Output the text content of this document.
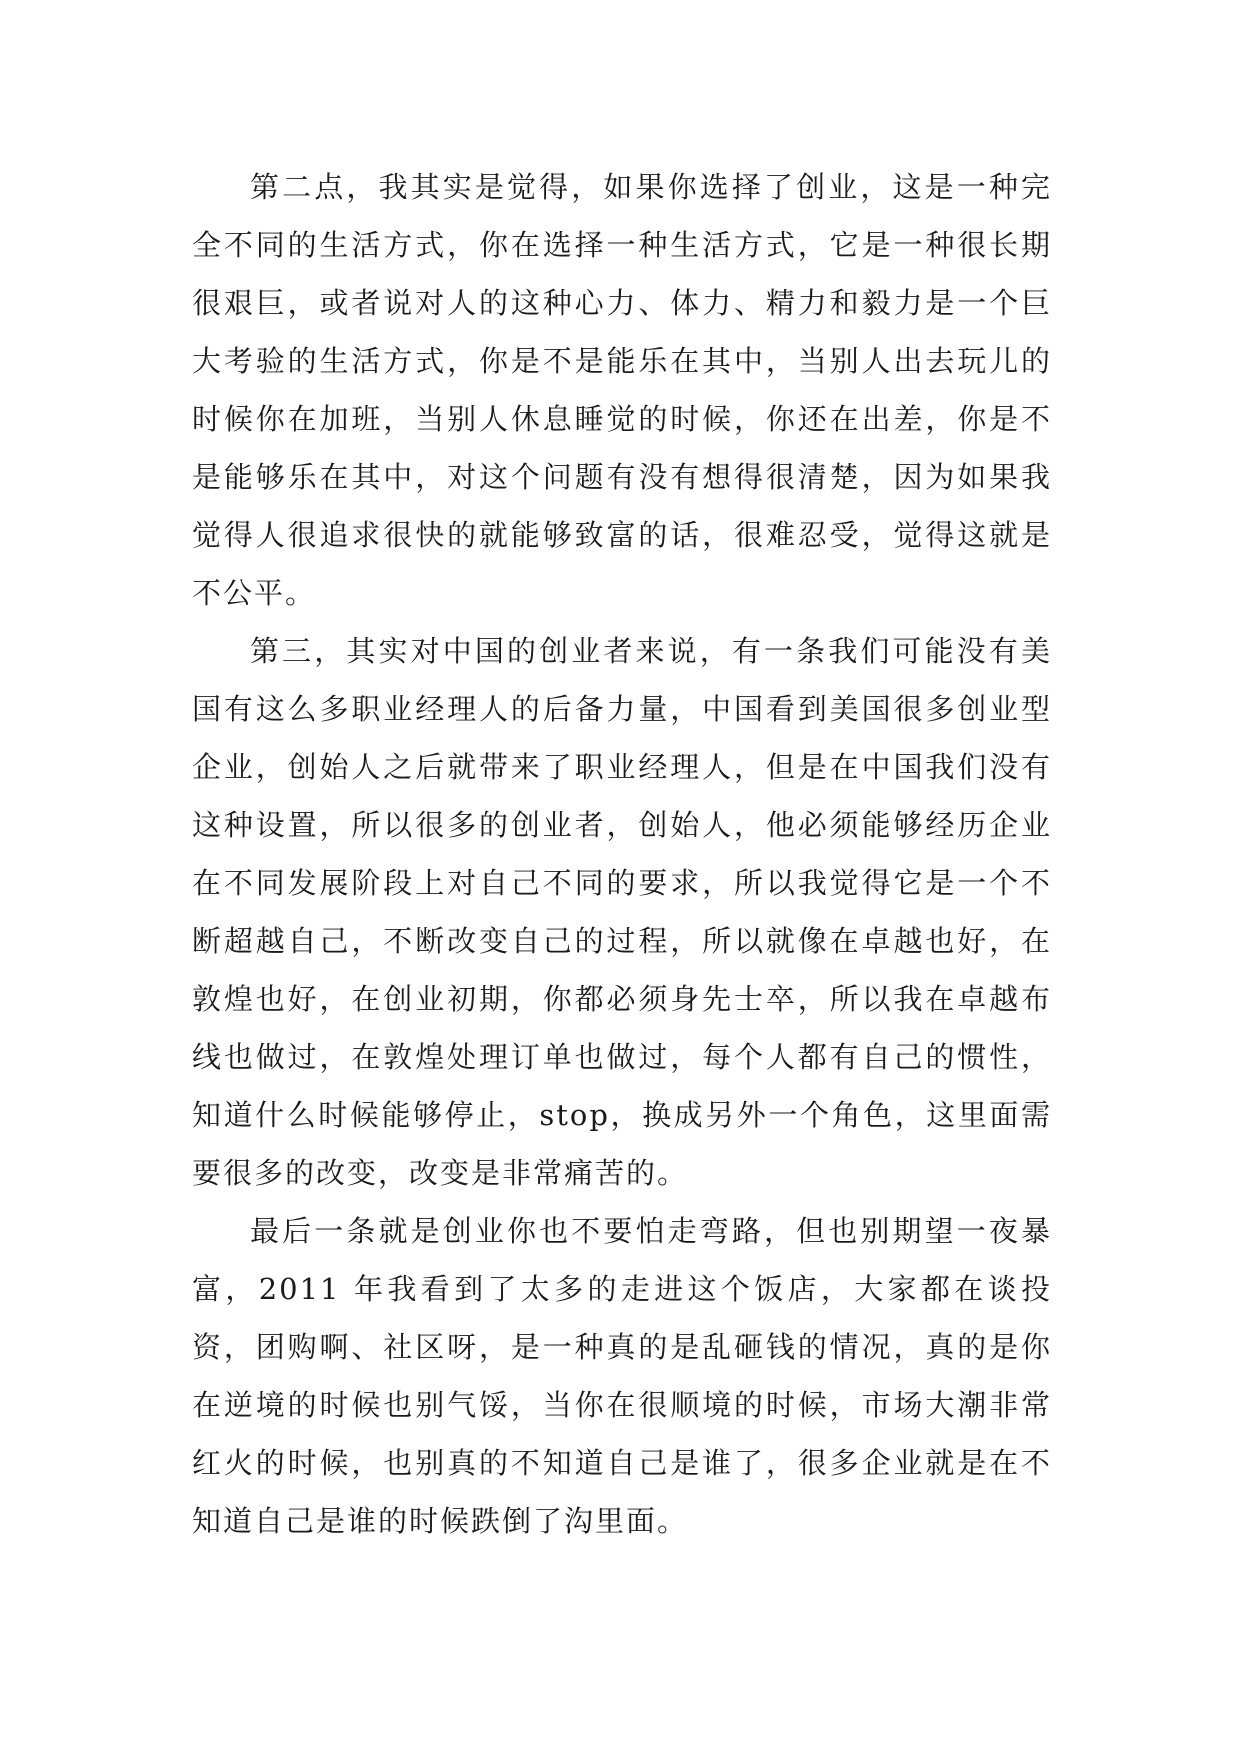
第二点，我其实是觉得，如果你选择了创业，这是一种完全不同的生活方式，你在选择一种生活方式，它是一种很长期很艰巨，或者说对人的这种心力、体力、精力和毅力是一个巨大考验的生活方式，你是不是能乐在其中，当别人出去玩儿的时候你在加班，当别人休息睡觉的时候，你还在出差，你是不是能够乐在其中，对这个问题有没有想得很清楚，因为如果我觉得人很追求很快的就能够致富的话，很难忍受，觉得这就是不公平。

第三，其实对中国的创业者来说，有一条我们可能没有美国有这么多职业经理人的后备力量，中国看到美国很多创业型企业，创始人之后就带来了职业经理人，但是在中国我们没有这种设置，所以很多的创业者，创始人，他必须能够经历企业在不同发展阶段上对自己不同的要求，所以我觉得它是一个不断超越自己，不断改变自己的过程，所以就像在卓越也好，在敦煌也好，在创业初期，你都必须身先士卒，所以我在卓越布线也做过，在敦煌处理订单也做过，每个人都有自己的惯性，知道什么时候能够停止，stop，换成另外一个角色，这里面需要很多的改变，改变是非常痛苦的。

最后一条就是创业你也不要怕走弯路，但也别期望一夜暴富，2011 年我看到了太多的走进这个饭店，大家都在谈投资，团购啊、社区呀，是一种真的是乱砸钱的情况，真的是你在逆境的时候也别气馁，当你在很顺境的时候，市场大潮非常红火的时候，也别真的不知道自己是谁了，很多企业就是在不知道自己是谁的时候跌倒了沟里面。
